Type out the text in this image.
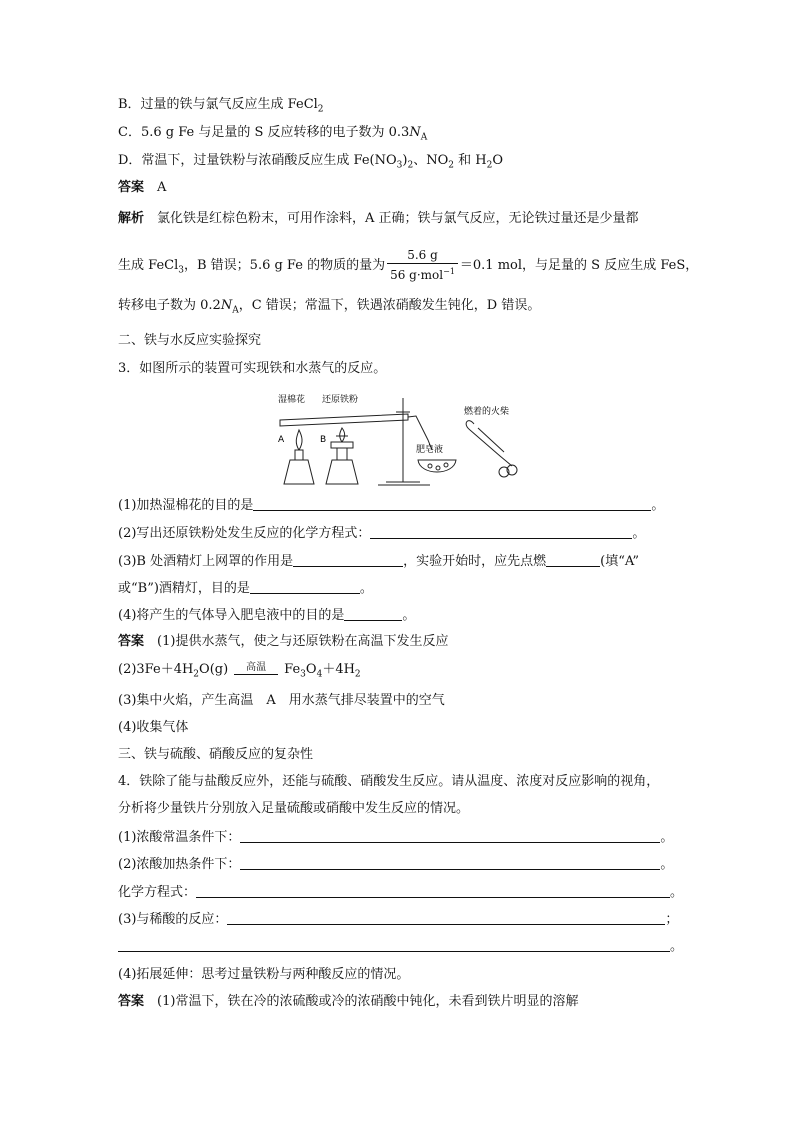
B．过量的铁与氯气反应生成 FeCl$_2$
C．5.6 g Fe 与足量的 S 反应转移的电子数为 $0.3N_A$
D．常温下，过量铁粉与浓硝酸反应生成 $Fe(NO_3)_2$、$NO_2$ 和 $H_2O$
答案　 A
解析　 氯化铁是红棕色粉末，可用作涂料，A 正确；铁与氯气反应，无论铁过量还是少量都
生成 FeCl$_3$，B 错误；5.6 g Fe 的物质的量为 $\frac{5.6 g}{56 g\cdot mol^{-1}} =0.1$ mol，与足量的 S 反应生成 FeS，
转移电子数为 $0.2N_A$，C 错误；常温下，铁遇浓硝酸发生钝化，D 错误。
二、铁与水反应实验探究
3．如图所示的装置可实现铁和水蒸气的反应。
湿棉花 还原铁粉
A	B
肥皂液
燃着的火柴
(1)加热湿棉花的目的是	。
(2)写出还原铁粉处发生反应的化学方程式：	。
(3)B 处酒精灯上网罩的作用是	，实验开始时，应先点燃	(填“A”
或“B”)酒精灯，目的是	。
(4)将产生的气体导入肥皂液中的目的是	。
答案　 (1)提供水蒸气，使之与还原铁粉在高温下发生反应
$(2)3Fe+4H_2O(g)$	高温	$Fe_3O_4+4H_2$
(3)集中火焰，产生高温　A　用水蒸气排尽装置中的空气
(4)收集气体
三、铁与硫酸、硝酸反应的复杂性
4．铁除了能与盐酸反应外，还能与硫酸、硝酸发生反应。请从温度、浓度对反应影响的视角，
分析将少量铁片分别放入足量硫酸或硝酸中发生反应的情况。
(1)浓酸常温条件下：	。
(2)浓酸加热条件下：	。
化学方程式：	。
(3)与稀酸的反应：	；
。
(4)拓展延伸：思考过量铁粉与两种酸反应的情况。
答案　 (1)常温下，铁在冷的浓硫酸或冷的浓硝酸中钝化，未看到铁片明显的溶解
